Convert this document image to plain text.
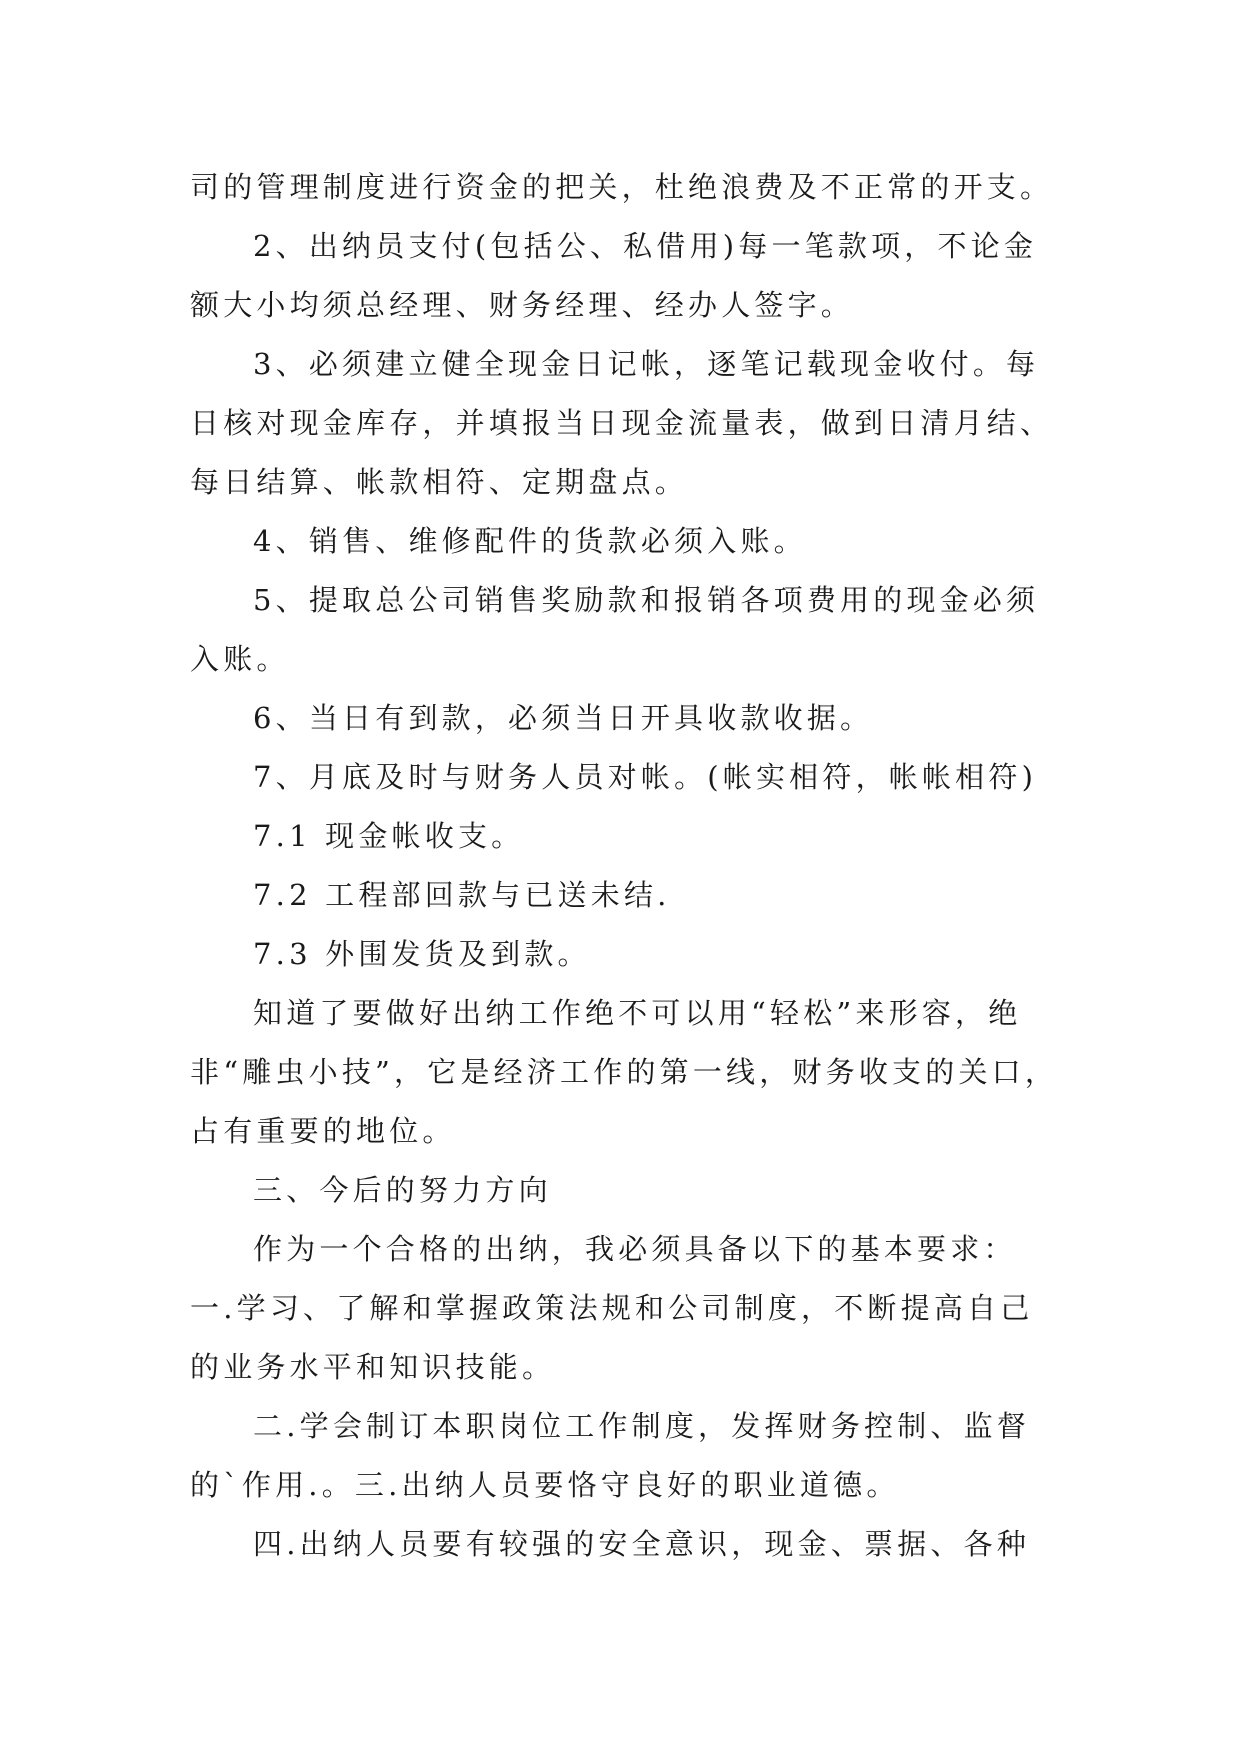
司的管理制度进行资金的把关，杜绝浪费及不正常的开支。
2、出纳员支付(包括公、私借用)每一笔款项，不论金
额大小均须总经理、财务经理、经办人签字。
3、必须建立健全现金日记帐，逐笔记载现金收付。每
日核对现金库存，并填报当日现金流量表，做到日清月结、
每日结算、帐款相符、定期盘点。
4、销售、维修配件的货款必须入账。
5、提取总公司销售奖励款和报销各项费用的现金必须
入账。
6、当日有到款，必须当日开具收款收据。
7、月底及时与财务人员对帐。(帐实相符，帐帐相符)
7.1 现金帐收支。
7.2 工程部回款与已送未结.
7.3 外围发货及到款。
知道了要做好出纳工作绝不可以用“轻松”来形容，绝
非“雕虫小技”，它是经济工作的第一线，财务收支的关口，
占有重要的地位。
三、今后的努力方向
作为一个合格的出纳，我必须具备以下的基本要求：
一.学习、了解和掌握政策法规和公司制度，不断提高自己
的业务水平和知识技能。
二.学会制订本职岗位工作制度，发挥财务控制、监督
的`作用.。三.出纳人员要恪守良好的职业道德。
四.出纳人员要有较强的安全意识，现金、票据、各种
